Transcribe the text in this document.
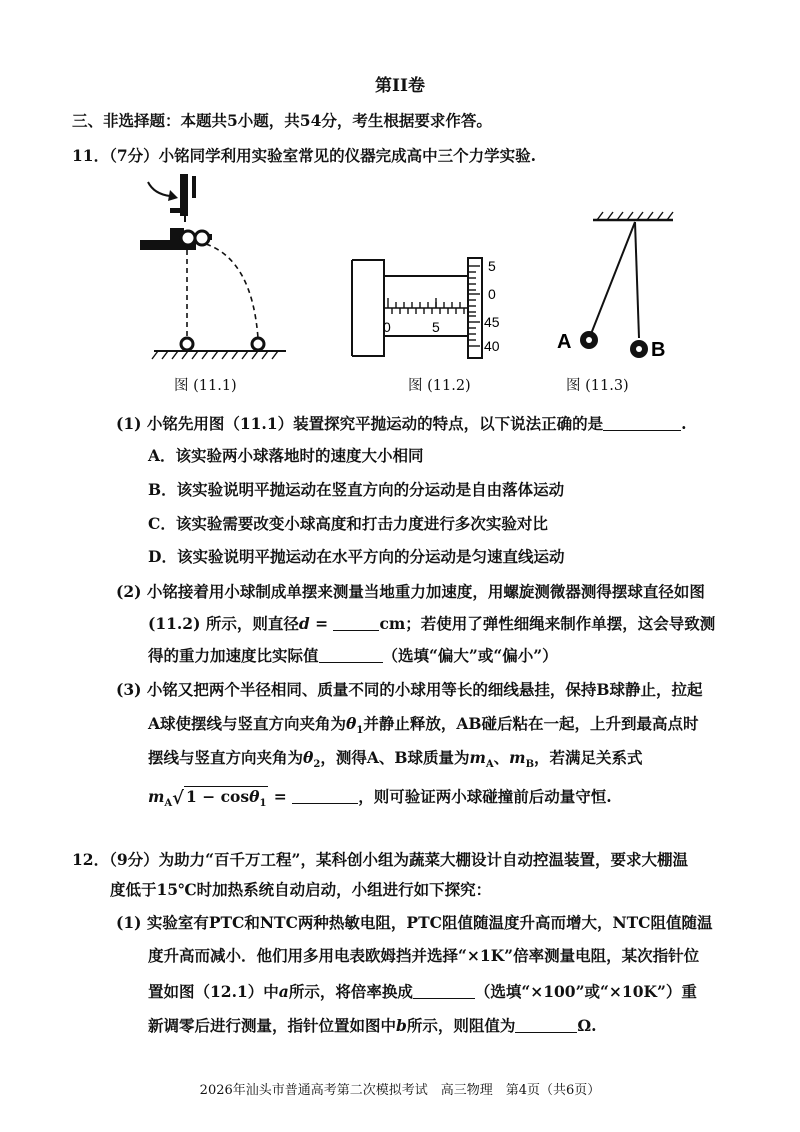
第II卷
三、非选择题：本题共5小题，共54分，考生根据要求作答。
11．（7分）小铭同学利用实验室常见的仪器完成高中三个力学实验.
图 (11.1)
0	5
5
0
45
40
图 (11.2)
A	B
图 (11.3)
(1) 小铭先用图（11.1）装置探究平抛运动的特点，以下说法正确的是	.
A．该实验两小球落地时的速度大小相同
B．该实验说明平抛运动在竖直方向的分运动是自由落体运动
C．该实验需要改变小球高度和打击力度进行多次实验对比
D．该实验说明平抛运动在水平方向的分运动是匀速直线运动
(2) 小铭接着用小球制成单摆来测量当地重力加速度，用螺旋测微器测得摆球直径如图
(11.2) 所示，则直径d =	cm；若使用了弹性细绳来制作单摆，这会导致测
得的重力加速度比实际值	（选填“偏大”或“偏小”）
(3) 小铭又把两个半径相同、质量不同的小球用等长的细线悬挂，保持B球静止，拉起
A球使摆线与竖直方向夹角为$\theta_1$并静止释放，AB碰后粘在一起，上升到最高点时
摆线与竖直方向夹角为$\theta_2$，测得A、B球质量为$m_A$、$m_B$，若满足关系式
$m_A√$ 1 − cosθ$_1$ =	，则可验证两小球碰撞前后动量守恒.
12．（9分）为助力“百千万工程”，某科创小组为蔬菜大棚设计自动控温装置，要求大棚温
度低于15℃时加热系统自动启动，小组进行如下探究：
(1) 实验室有PTC和NTC两种热敏电阻，PTC阻值随温度升高而增大，NTC阻值随温
度升高而减小．他们用多用电表欧姆挡并选择“×1K”倍率测量电阻，某次指针位
置如图（12.1）中a所示，将倍率换成	（选填“×100”或“×10K”）重
新调零后进行测量，指针位置如图中b所示，则阻值为	Ω.
2026年汕头市普通高考第二次模拟考试　高三物理　第4页（共6页）
